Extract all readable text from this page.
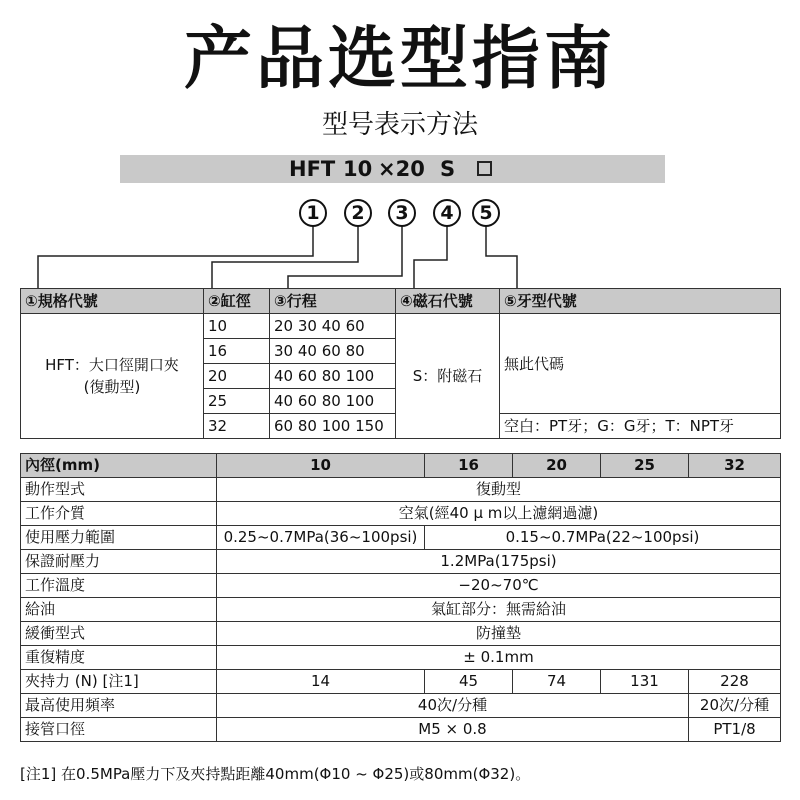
产品选型指南
型号表示方法
HFT 10 ×20 S
1	2	3	4	5
①規格代號	②缸徑	③行程	④磁石代號	⑤牙型代號

HFT：大口徑開口夾
(復動型)	10	20 30 40 60	S：附磁石	無此代碼
	16	30 40 60 80		
	20	40 60 80 100		
	25	40 60 80 100		
	32	60 80 100 150		空白：PT牙；G：G牙；T：NPT牙
內徑(mm)	10	16	20	25	32
動作型式	復動型				
工作介質	空氣(經40 μ m以上濾網過濾)				
使用壓力範圍	0.25~0.7MPa(36~100psi)	0.15~0.7MPa(22~100psi)			
保證耐壓力	1.2MPa(175psi)				
工作溫度	−20~70℃				
給油	氣缸部分：無需給油				
緩衝型式	防撞墊				
重復精度	± 0.1mm				
夾持力 (N) [注1]	14	45	74	131	228
最高使用頻率	40次/分種				20次/分種
接管口徑	M5 × 0.8				PT1/8
[注1] 在0.5MPa壓力下及夾持點距離40mm(Φ10 ~ Φ25)或80mm(Φ32)。
